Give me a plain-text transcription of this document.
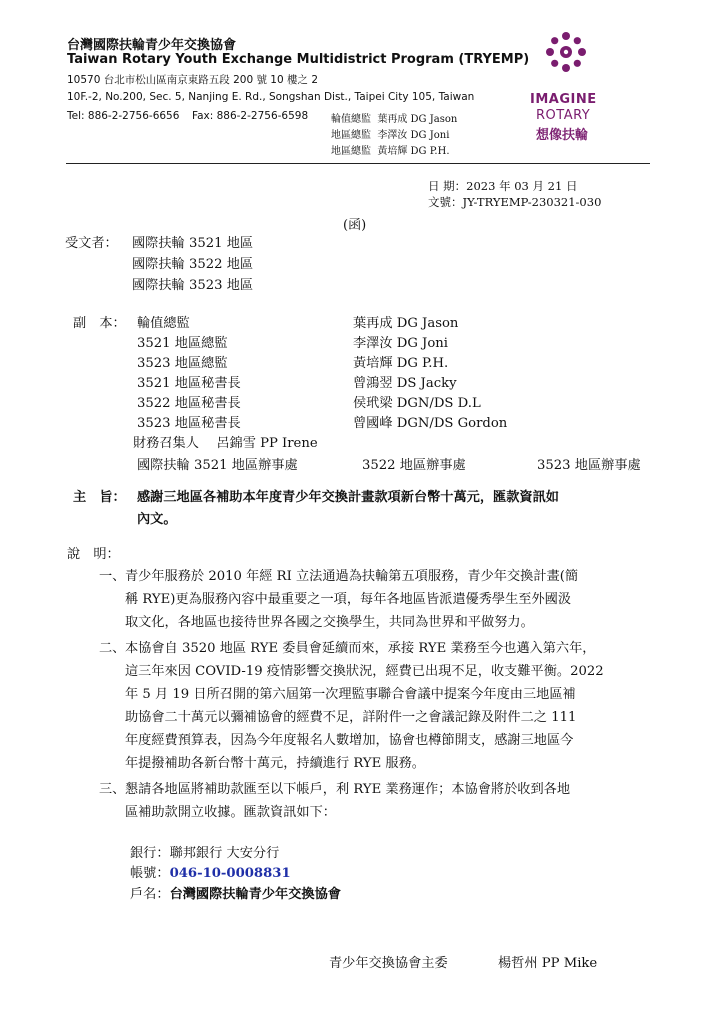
台灣國際扶輪青少年交換協會
Taiwan Rotary Youth Exchange Multidistrict Program (TRYEMP)
10570 台北市松山區南京東路五段 200 號 10 樓之 2
10F.-2, No.200, Sec. 5, Nanjing E. Rd., Songshan Dist., Taipei City 105, Taiwan
Tel: 886-2-2756-6656 Fax: 886-2-2756-6598 輪值總監 葉再成 DG Jason
地區總監 李澤汝 DG Joni
地區總監 黃培輝 DG P.H.
IMAGINE
ROTARY
想像扶輪
日 期：2023 年 03 月 21 日
文號：JY-TRYEMP-230321-030
(函)
受文者： 國際扶輪 3521 地區
國際扶輪 3522 地區
國際扶輪 3523 地區
副　本： 輪值總監	葉再成 DG Jason
3521 地區總監	李澤汝 DG Joni
3523 地區總監	黃培輝 DG P.H.
3521 地區秘書長	曾鴻翌 DS Jacky
3522 地區秘書長	侯玳梁 DGN/DS D.L
3523 地區秘書長	曾國峰 DGN/DS Gordon
財務召集人　 呂錦雪 PP Irene
國際扶輪 3521 地區辦事處	3522 地區辦事處	3523 地區辦事處
主　旨： 感謝三地區各補助本年度青少年交換計畫款項新台幣十萬元，匯款資訊如
內文。
說　明：
一、 青少年服務於 2010 年經 RI 立法通過為扶輪第五項服務，青少年交換計畫(簡
稱 RYE)更為服務內容中最重要之一項，每年各地區皆派遣優秀學生至外國汲
取文化，各地區也接待世界各國之交換學生，共同為世界和平做努力。
二、 本協會自 3520 地區 RYE 委員會延續而來，承接 RYE 業務至今也邁入第六年，
這三年來因 COVID-19 疫情影響交換狀況，經費已出現不足，收支難平衡。2022
年 5 月 19 日所召開的第六屆第一次理監事聯合會議中提案今年度由三地區補
助協會二十萬元以彌補協會的經費不足，詳附件一之會議記錄及附件二之 111
年度經費預算表，因為今年度報名人數增加，協會也樽節開支，感謝三地區今
年提撥補助各新台幣十萬元，持續進行 RYE 服務。
三、 懇請各地區將補助款匯至以下帳戶，利 RYE 業務運作；本協會將於收到各地
區補助款開立收據。匯款資訊如下：
銀行：聯邦銀行 大安分行
帳號：046-10-0008831
戶名：台灣國際扶輪青少年交換協會
青少年交換協會主委	楊哲州 PP Mike
